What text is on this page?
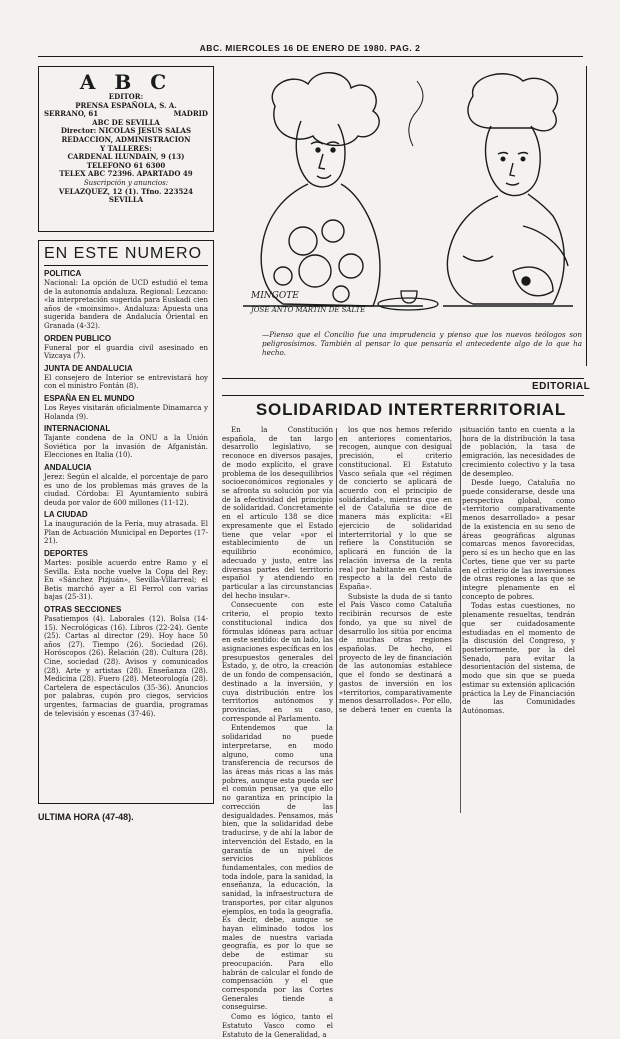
ABC. MIERCOLES 16 DE ENERO DE 1980. PAG. 2
A B C
EDITOR:
PRENSA ESPAÑOLA, S. A.
SERRANO, 61	MADRID
ABC DE SEVILLA
Director: NICOLAS JESUS SALAS
REDACCION, ADMINISTRACION
Y TALLERES:
CARDENAL ILUNDAIN, 9 (13)
TELEFONO 61 6300
TELEX ABC 72396. APARTADO 49
Suscripción y anuncios:
VELAZQUEZ, 12 (1). Tfno. 223524
SEVILLA
EN ESTE NUMERO
POLITICA
Nacional: La opción de UCD estudió el tema de la autonomía andaluza. Regional: Lezcano: «la interpretación sugerida para Euskadi cien años de «moinsimo». Andaluza: Apuesta una sugerida bandera de Andalucía Oriental en Granada (4-32).
ORDEN PUBLICO
Funeral por el guardia civil asesinado en Vizcaya (7).
JUNTA DE ANDALUCIA
El consejero de Interior se entrevistará hoy con el ministro Fontán (8).
ESPAÑA EN EL MUNDO
Los Reyes visitarán oficialmente Dinamarca y Holanda (9).
INTERNACIONAL
Tajante condena de la ONU a la Unión Soviética por la invasión de Afganistán. Elecciones en Italia (10).
ANDALUCIA
Jerez: Según el alcalde, el porcentaje de paro es uno de los problemas más graves de la ciudad. Córdoba: El Ayuntamiento subirá deuda por valor de 600 millones (11-12).
LA CIUDAD
La inauguración de la Feria, muy atrasada. El Plan de Actuación Municipal en Deportes (17-21).
DEPORTES
Martes: posible acuerdo entre Ramo y el Sevilla. Esta noche vuelve la Copa del Rey: En «Sánchez Pizjuán», Sevilla-Villarreal; el Betis marchó ayer a El Ferrol con varias bajas (25-31).
OTRAS SECCIONES
Pasatiempos (4). Laborales (12). Bolsa (14-15). Necrológicas (16). Libros (22-24). Gente (25). Cartas al director (29). Hoy hace 50 años (27). Tiempo (26). Sociedad (26). Horóscopos (26). Relación (28). Cultura (28). Cine, sociedad (28). Avisos y comunicados (28). Arte y artistas (28). Enseñanza (28). Medicina (28). Fuero (28). Meteorología (28). Cartelera de espectáculos (35-36). Anuncios por palabras, cupón pro ciegos, servicios urgentes, farmacias de guardia, programas de televisión y escenas (37-46).
ULTIMA HORA (47-48).
MINGOTE
JOSE ANTO MARTIN DE SALTE
—Pienso que el Concilio fue una imprudencia y pienso que los nuevos teólogos son peligrosísimos. También al pensar lo que pensaría el antecedente algo de lo que ha hecho.
EDITORIAL
SOLIDARIDAD INTERTERRITORIAL

En la Constitución española, de tan largo desarrollo legislativo, se reconoce en diversos pasajes, de modo explícito, el grave problema de los desequilibrios socioeconómicos regionales y se afronta su solución por vía de la efectividad del principio de solidaridad. Concretamente en el artículo 138 se dice expresamente que el Estado tiene que velar «por el establecimiento de un equilibrio económico, adecuado y justo, entre las diversas partes del territorio español y atendiendo en particular a las circunstancias del hecho insular».

Consecuente con este criterio, el propio texto constitucional indica dos fórmulas idóneas para actuar en este sentido: de un lado, las asignaciones específicas en los presupuestos generales del Estado, y, de otro, la creación de un fondo de compensación, destinado a la inversión, y cuya distribución entre los territorios autónomos y provincias, en su caso, corresponde al Parlamento.

Entendemos que la solidaridad no puede interpretarse, en modo alguno, como una transferencia de recursos de las áreas más ricas a las más pobres, aunque esta pueda ser el común pensar, ya que ello no garantiza en principio la corrección de las desigualdades. Pensamos, más bien, que la solidaridad debe traducirse, y de ahí la labor de intervención del Estado, en la garantía de un nivel de servicios públicos fundamentales, con medios de toda índole, para la sanidad, la enseñanza, la educación, la sanidad, la infraestructura de transportes, por citar algunos ejemplos, en toda la geografía. Es decir, debe, aunque se hayan eliminado todos los males de nuestra variada geografía, es por lo que se debe de estimar su preocupación. Para ello habrán de calcular el fondo de compensación y el que corresponda por las Cortes Generales tiende a conseguirse.

Como es lógico, tanto el Estatuto Vasco como el Estatuto de la Generalidad, a

los que nos hemos referido en anteriores comentarios, recogen, aunque con desigual precisión, el criterio constitucional. El Estatuto Vasco señala que «el régimen de concierto se aplicará de acuerdo con el principio de solidaridad», mientras que en el de Cataluña se dice de manera más explícita: «El ejercicio de solidaridad interterritorial y lo que se refiere la Constitución se aplicará en función de la relación inversa de la renta real por habitante en Cataluña respecto a la del resto de España».

Subsiste la duda de si tanto el País Vasco como Cataluña recibirán recursos de este fondo, ya que su nivel de desarrollo los sitúa por encima de muchas otras regiones españolas. De hecho, el proyecto de ley de financiación de las autonomías establece que el fondo se destinará a gastos de inversión en los «territorios, comparativamente menos desarrollados». Por ello, se deberá tener en cuenta la situación tanto en cuenta a la hora de la distribución la tasa de población, la tasa de emigración, las necesidades de crecimiento colectivo y la tasa de desempleo.

Desde luego, Cataluña no puede considerarse, desde una perspectiva global, como «territorio comparativamente menos desarrollado» a pesar de la existencia en su seno de áreas geográficas algunas comarcas menos favorecidas, pero sí es un hecho que en las Cortes, tiene que ver su parte en el criterio de las inversiones de otras regiones a las que se integre plenamente en el concepto de pobres.

Todas estas cuestiones, no plenamente resueltas, tendrán que ser cuidadosamente estudiadas en el momento de la discusión del Congreso, y posteriormente, por la del Senado, para evitar la desorientación del sistema, de modo que sin que se pueda estimar su extensión aplicación práctica la Ley de Financiación de las Comunidades Autónomas.
